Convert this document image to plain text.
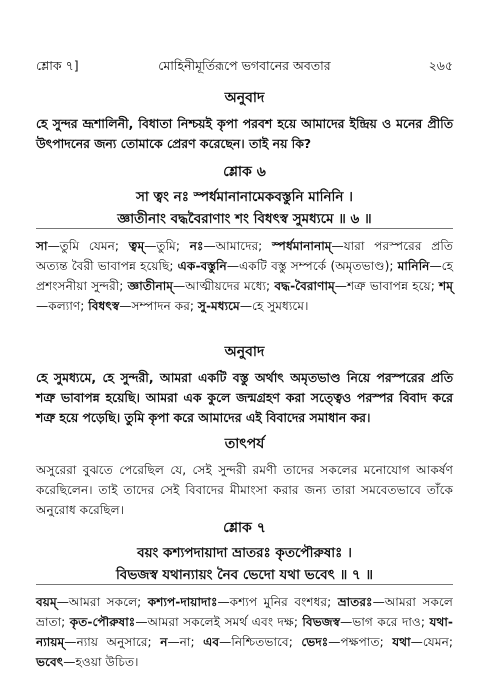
শ্লোক ৭]	মোহিনীমূর্তিরূপে ভগবানের অবতার	২৬৫
অনুবাদ
হে সুন্দর ভ্রূশালিনী, বিধাতা নিশ্চয়ই কৃপা পরবশ হয়ে আমাদের ইন্দ্রিয় ও মনের প্রীতি উৎপাদনের জন্য তোমাকে প্রেরণ করেছেন। তাই নয় কি?
শ্লোক ৬
সা ত্বং নঃ স্পর্ধমানানামেকবস্তুনি মানিনি ।
জ্ঞাতীনাং বদ্ধবৈরাণাং শং বিধৎস্ব সুমধ্যমে ॥ ৬ ॥
সা—তুমি যেমন; ত্বম্—তুমি; নঃ—আমাদের; স্পর্ধমানানাম্—যারা পরস্পরের প্রতি অত্যন্ত বৈরী ভাবাপন্ন হয়েছি; এক-বস্তুনি—একটি বস্তু সম্পর্কে (অমৃতভাণ্ড); মানিনি—হে প্রশংসনীয়া সুন্দরী; জ্ঞাতীনাম্—আত্মীয়দের মধ্যে; বদ্ধ-বৈরাণাম্—শত্রু ভাবাপন্ন হয়ে; শম্—কল্যাণ; বিধৎস্ব—সম্পাদন কর; সু-মধ্যমে—হে সুমধ্যমে।
অনুবাদ
হে সুমধ্যমে, হে সুন্দরী, আমরা একটি বস্তু অর্থাৎ অমৃতভাণ্ড নিয়ে পরস্পরের প্রতি শত্রু ভাবাপন্ন হয়েছি। আমরা এক কুলে জন্মগ্রহণ করা সত্ত্বেও পরস্পর বিবাদ করে শত্রু হয়ে পড়েছি। তুমি কৃপা করে আমাদের এই বিবাদের সমাধান কর।
তাৎপর্য
অসুরেরা বুঝতে পেরেছিল যে, সেই সুন্দরী রমণী তাদের সকলের মনোযোগ আকর্ষণ করেছিলেন। তাই তাদের সেই বিবাদের মীমাংসা করার জন্য তারা সমবেতভাবে তাঁকে অনুরোধ করেছিল।
শ্লোক ৭
বয়ং কশ্যপদায়াদা ভ্রাতরঃ কৃতপৌরুষাঃ ।
বিভজস্ব যথান্যায়ং নৈব ভেদো যথা ভবেৎ ॥ ৭ ॥
বয়ম্—আমরা সকলে; কশ্যপ-দায়াদাঃ—কশ্যপ মুনির বংশধর; ভ্রাতরঃ—আমরা সকলে ভ্রাতা; কৃত-পৌরুষাঃ—আমরা সকলেই সমর্থ এবং দক্ষ; বিভজস্ব—ভাগ করে দাও; যথা-ন্যায়ম্—ন্যায় অনুসারে; ন—না; এব—নিশ্চিতভাবে; ভেদঃ—পক্ষপাত; যথা—যেমন; ভবেৎ—হওয়া উচিত।
